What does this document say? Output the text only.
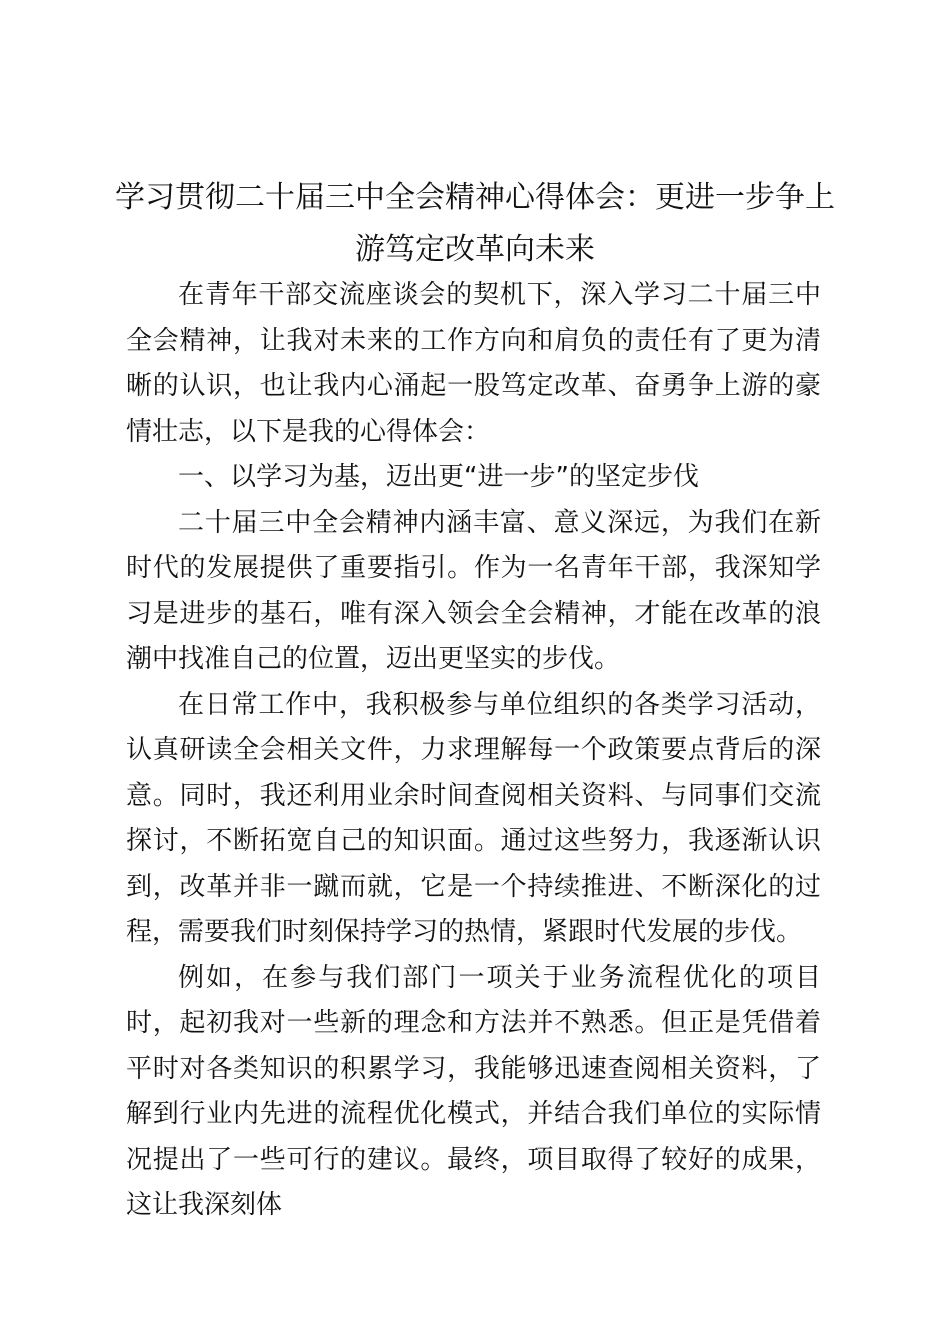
学习贯彻二十届三中全会精神心得体会：更进一步争上游笃定改革向未来

在青年干部交流座谈会的契机下，深入学习二十届三中全会精神，让我对未来的工作方向和肩负的责任有了更为清晰的认识，也让我内心涌起一股笃定改革、奋勇争上游的豪情壮志，以下是我的心得体会：

一、以学习为基，迈出更“进一步”的坚定步伐

二十届三中全会精神内涵丰富、意义深远，为我们在新时代的发展提供了重要指引。作为一名青年干部，我深知学习是进步的基石，唯有深入领会全会精神，才能在改革的浪潮中找准自己的位置，迈出更坚实的步伐。

在日常工作中，我积极参与单位组织的各类学习活动，认真研读全会相关文件，力求理解每一个政策要点背后的深意。同时，我还利用业余时间查阅相关资料、与同事们交流探讨，不断拓宽自己的知识面。通过这些努力，我逐渐认识到，改革并非一蹴而就，它是一个持续推进、不断深化的过程，需要我们时刻保持学习的热情，紧跟时代发展的步伐。

例如，在参与我们部门一项关于业务流程优化的项目时，起初我对一些新的理念和方法并不熟悉。但正是凭借着平时对各类知识的积累学习，我能够迅速查阅相关资料，了解到行业内先进的流程优化模式，并结合我们单位的实际情况提出了一些可行的建议。最终，项目取得了较好的成果，这让我深刻体
